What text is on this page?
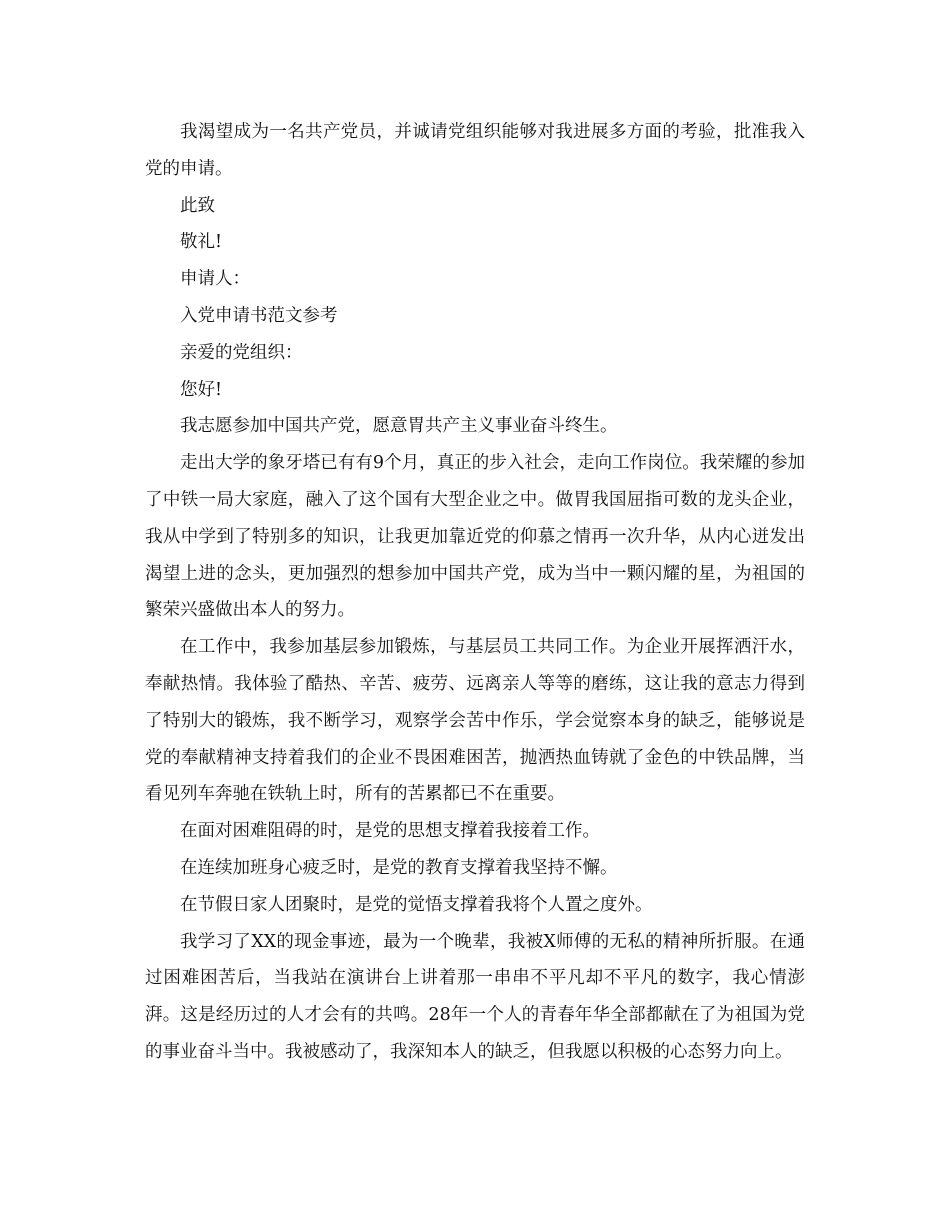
我渴望成为一名共产党员，并诚请党组织能够对我进展多方面的考验，批准我入党的申请。

此致

敬礼!

申请人：

入党申请书范文参考

亲爱的党组织：

您好!

我志愿参加中国共产党，愿意胃共产主义事业奋斗终生。

走出大学的象牙塔已有有9个月，真正的步入社会，走向工作岗位。我荣耀的参加了中铁一局大家庭，融入了这个国有大型企业之中。做胃我国屈指可数的龙头企业，我从中学到了特别多的知识，让我更加靠近党的仰慕之情再一次升华，从内心迸发出渴望上进的念头，更加强烈的想参加中国共产党，成为当中一颗闪耀的星，为祖国的繁荣兴盛做出本人的努力。

在工作中，我参加基层参加锻炼，与基层员工共同工作。为企业开展挥洒汗水，奉献热情。我体验了酷热、辛苦、疲劳、远离亲人等等的磨练，这让我的意志力得到了特别大的锻炼，我不断学习，观察学会苦中作乐，学会觉察本身的缺乏，能够说是党的奉献精神支持着我们的企业不畏困难困苦，抛洒热血铸就了金色的中铁品牌，当看见列车奔驰在铁轨上时，所有的苦累都已不在重要。

在面对困难阻碍的时，是党的思想支撑着我接着工作。

在连续加班身心疲乏时，是党的教育支撑着我坚持不懈。

在节假日家人团聚时，是党的觉悟支撑着我将个人置之度外。

我学习了XX的现金事迹，最为一个晚辈，我被X师傅的无私的精神所折服。在通过困难困苦后，当我站在演讲台上讲着那一串串不平凡却不平凡的数字，我心情澎湃。这是经历过的人才会有的共鸣。28年一个人的青春年华全部都献在了为祖国为党的事业奋斗当中。我被感动了，我深知本人的缺乏，但我愿以积极的心态努力向上。
